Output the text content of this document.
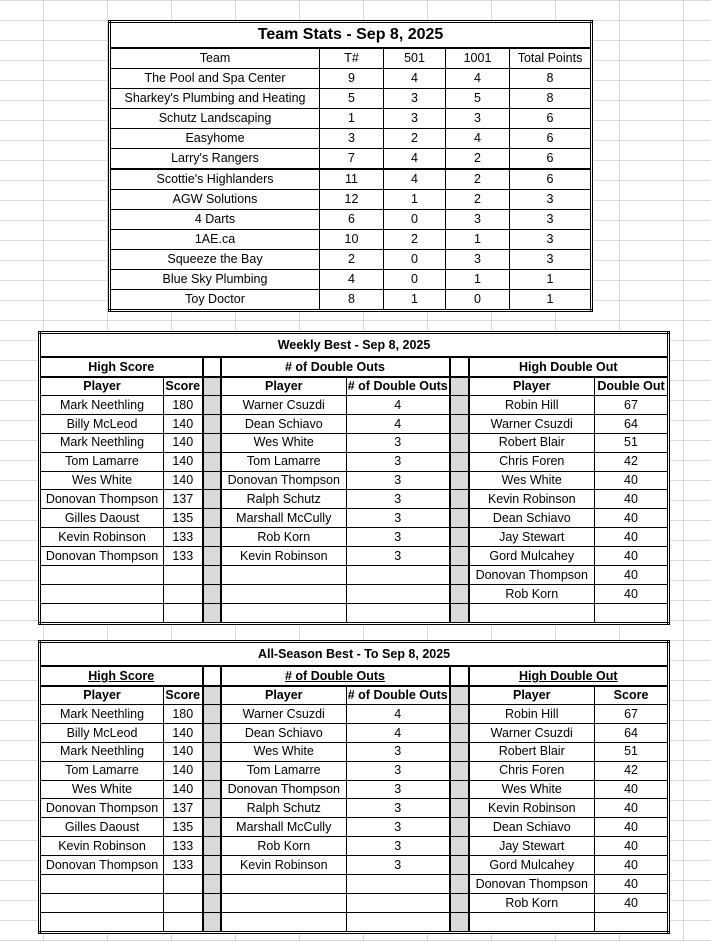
Team Stats - Sep 8, 2025				
Team	T#	501	1001	Total Points
The Pool and Spa Center	9	4	4	8
Sharkey's Plumbing and Heating	5	3	5	8
Schutz Landscaping	1	3	3	6
Easyhome	3	2	4	6
Larry's Rangers	7	4	2	6
Scottie's Highlanders	11	4	2	6
AGW Solutions	12	1	2	3
4 Darts	6	0	3	3
1AE.ca	10	2	1	3
Squeeze the Bay	2	0	3	3
Blue Sky Plumbing	4	0	1	1
Toy Doctor	8	1	0	1
Weekly Best - Sep 8, 2025							
High Score			# of Double Outs			High Double Out	
Player	Score		Player	# of Double Outs		Player	Double Out
Mark Neethling	180		Warner Csuzdi	4		Robin Hill	67
Billy McLeod	140		Dean Schiavo	4		Warner Csuzdi	64
Mark Neethling	140		Wes White	3		Robert Blair	51
Tom Lamarre	140		Tom Lamarre	3		Chris Foren	42
Wes White	140		Donovan Thompson	3		Wes White	40
Donovan Thompson	137		Ralph Schutz	3		Kevin Robinson	40
Gilles Daoust	135		Marshall McCully	3		Dean Schiavo	40
Kevin Robinson	133		Rob Korn	3		Jay Stewart	40
Donovan Thompson	133		Kevin Robinson	3		Gord Mulcahey	40
						Donovan Thompson	40
						Rob Korn	40

All-Season Best - To Sep 8, 2025							
High Score			# of Double Outs			High Double Out	
Player	Score		Player	# of Double Outs		Player	Score
Mark Neethling	180		Warner Csuzdi	4		Robin Hill	67
Billy McLeod	140		Dean Schiavo	4		Warner Csuzdi	64
Mark Neethling	140		Wes White	3		Robert Blair	51
Tom Lamarre	140		Tom Lamarre	3		Chris Foren	42
Wes White	140		Donovan Thompson	3		Wes White	40
Donovan Thompson	137		Ralph Schutz	3		Kevin Robinson	40
Gilles Daoust	135		Marshall McCully	3		Dean Schiavo	40
Kevin Robinson	133		Rob Korn	3		Jay Stewart	40
Donovan Thompson	133		Kevin Robinson	3		Gord Mulcahey	40
						Donovan Thompson	40
						Rob Korn	40
